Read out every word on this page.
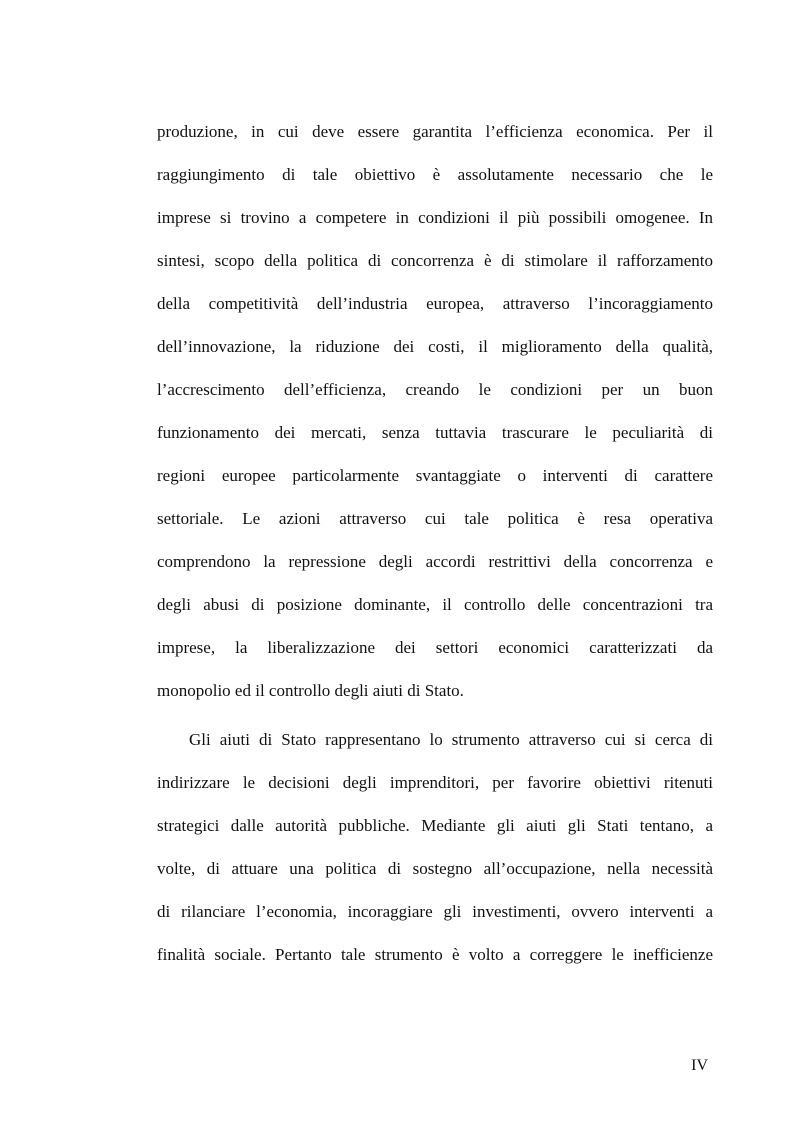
produzione, in cui deve essere garantita l’efficienza economica. Per il
raggiungimento di tale obiettivo è assolutamente necessario che le
imprese si trovino a competere in condizioni il più possibili omogenee. In
sintesi, scopo della politica di concorrenza è di stimolare il rafforzamento
della competitività dell’industria europea, attraverso l’incoraggiamento
dell’innovazione, la riduzione dei costi, il miglioramento della qualità,
l’accrescimento dell’efficienza, creando le condizioni per un buon
funzionamento dei mercati, senza tuttavia trascurare le peculiarità di
regioni europee particolarmente svantaggiate o interventi di carattere
settoriale. Le azioni attraverso cui tale politica è resa operativa
comprendono la repressione degli accordi restrittivi della concorrenza e
degli abusi di posizione dominante, il controllo delle concentrazioni tra
imprese, la liberalizzazione dei settori economici caratterizzati da
monopolio ed il controllo degli aiuti di Stato.
Gli aiuti di Stato rappresentano lo strumento attraverso cui si cerca di
indirizzare le decisioni degli imprenditori, per favorire obiettivi ritenuti
strategici dalle autorità pubbliche. Mediante gli aiuti gli Stati tentano, a
volte, di attuare una politica di sostegno all’occupazione, nella necessità
di rilanciare l’economia, incoraggiare gli investimenti, ovvero interventi a
finalità sociale. Pertanto tale strumento è volto a correggere le inefficienze
IV
